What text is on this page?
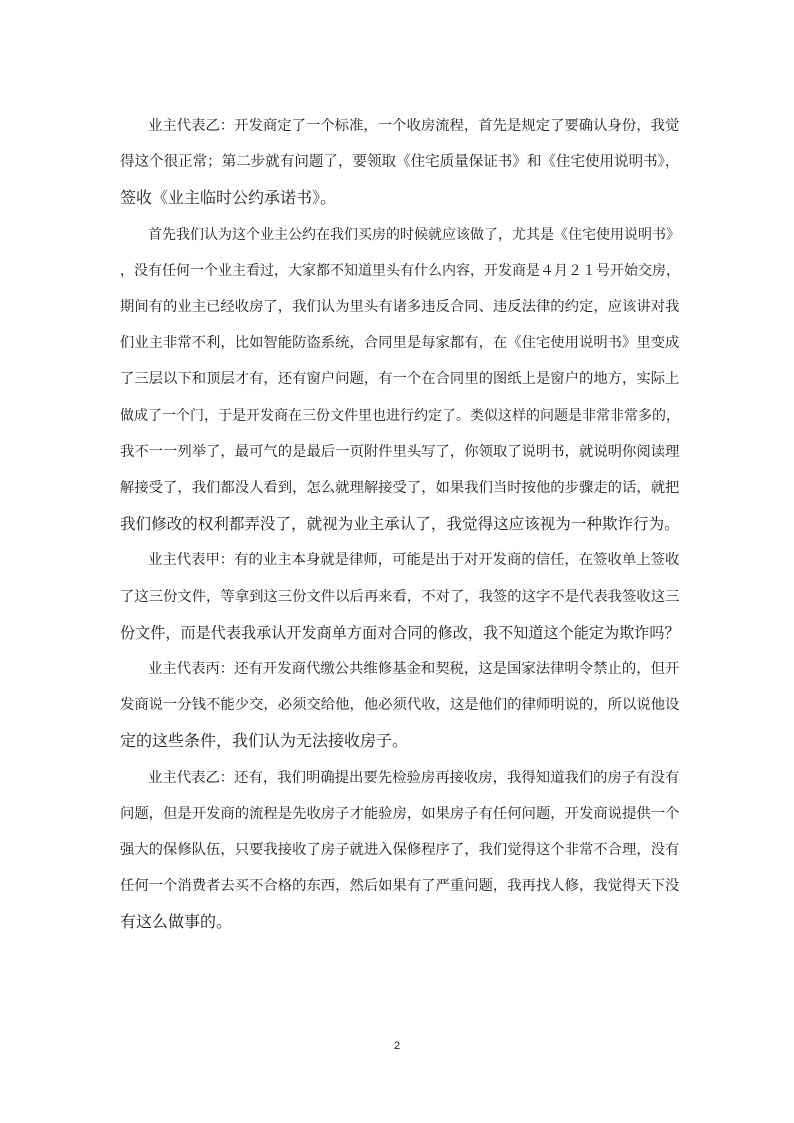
业主代表乙：开发商定了一个标准，一个收房流程，首先是规定了要确认身份，我觉
得这个很正常；第二步就有问题了，要领取《住宅质量保证书》和《住宅使用说明书》，
签收《业主临时公约承诺书》。
首先我们认为这个业主公约在我们买房的时候就应该做了，尤其是《住宅使用说明书》
，没有任何一个业主看过，大家都不知道里头有什么内容，开发商是４月２１号开始交房，
期间有的业主已经收房了，我们认为里头有诸多违反合同、违反法律的约定，应该讲对我
们业主非常不利，比如智能防盗系统，合同里是每家都有，在《住宅使用说明书》里变成
了三层以下和顶层才有，还有窗户问题，有一个在合同里的图纸上是窗户的地方，实际上
做成了一个门，于是开发商在三份文件里也进行约定了。类似这样的问题是非常非常多的，
我不一一列举了，最可气的是最后一页附件里头写了，你领取了说明书，就说明你阅读理
解接受了，我们都没人看到，怎么就理解接受了，如果我们当时按他的步骤走的话，就把
我们修改的权利都弄没了，就视为业主承认了，我觉得这应该视为一种欺诈行为。
业主代表甲：有的业主本身就是律师，可能是出于对开发商的信任，在签收单上签收
了这三份文件，等拿到这三份文件以后再来看，不对了，我签的这字不是代表我签收这三
份文件，而是代表我承认开发商单方面对合同的修改，我不知道这个能定为欺诈吗？
业主代表丙：还有开发商代缴公共维修基金和契税，这是国家法律明令禁止的，但开
发商说一分钱不能少交，必须交给他，他必须代收，这是他们的律师明说的，所以说他设
定的这些条件，我们认为无法接收房子。
业主代表乙：还有，我们明确提出要先检验房再接收房，我得知道我们的房子有没有
问题，但是开发商的流程是先收房子才能验房，如果房子有任何问题，开发商说提供一个
强大的保修队伍，只要我接收了房子就进入保修程序了，我们觉得这个非常不合理，没有
任何一个消费者去买不合格的东西，然后如果有了严重问题，我再找人修，我觉得天下没
有这么做事的。
2
